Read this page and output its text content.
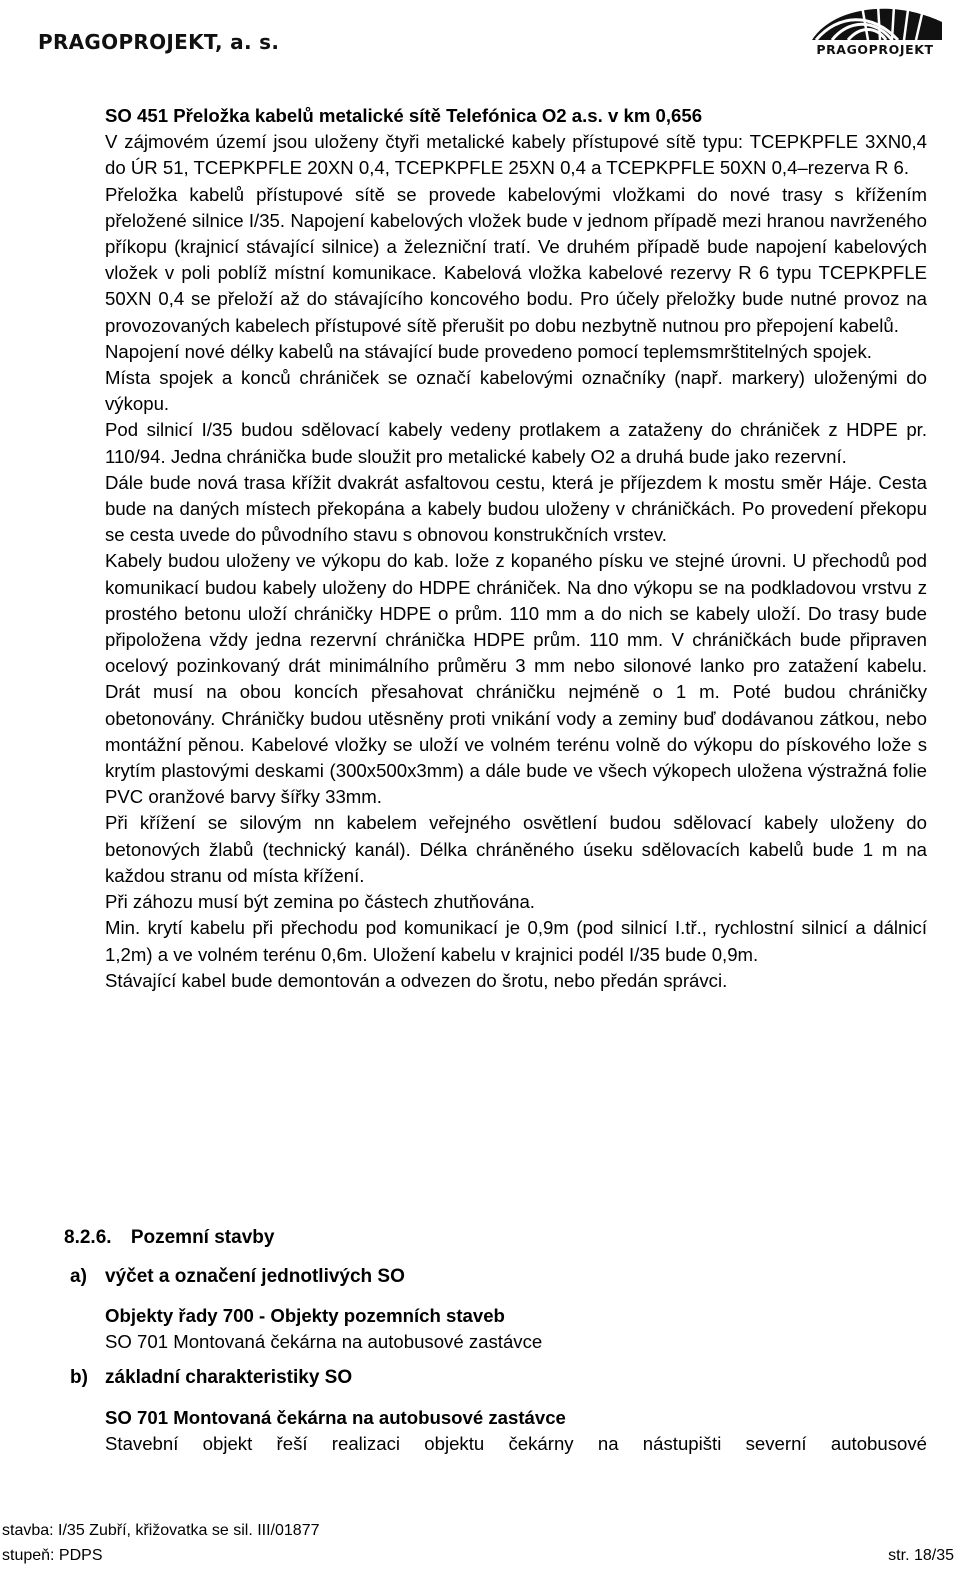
PRAGOPROJEKT, a. s.	PRAGOPROJEKT

SO 451 Přeložka kabelů metalické sítě Telefónica O2 a.s. v km 0,656

V zájmovém území jsou uloženy čtyři metalické kabely přístupové sítě typu: TCEPKPFLE 3XN0,4 do ÚR 51, TCEPKPFLE 20XN 0,4, TCEPKPFLE 25XN 0,4 a TCEPKPFLE 50XN 0,4–rezerva R 6.

Přeložka kabelů přístupové sítě se provede kabelovými vložkami do nové trasy s křížením přeložené silnice I/35. Napojení kabelových vložek bude v jednom případě mezi hranou navrženého příkopu (krajnicí stávající silnice) a železniční tratí. Ve druhém případě bude napojení kabelových vložek v poli poblíž místní komunikace. Kabelová vložka kabelové rezervy R 6 typu TCEPKPFLE 50XN 0,4 se přeloží až do stávajícího koncového bodu. Pro účely přeložky bude nutné provoz na provozovaných kabelech přístupové sítě přerušit po dobu nezbytně nutnou pro přepojení kabelů.

Napojení nové délky kabelů na stávající bude provedeno pomocí teplemsmrštitelných spojek.

Místa spojek a konců chrániček se označí kabelovými označníky (např. markery) uloženými do výkopu.

Pod silnicí I/35 budou sdělovací kabely vedeny protlakem a zataženy do chrániček z HDPE pr. 110/94. Jedna chránička bude sloužit pro metalické kabely O2 a druhá bude jako rezervní.

Dále bude nová trasa křížit dvakrát asfaltovou cestu, která je příjezdem k mostu směr Háje. Cesta bude na daných místech překopána a kabely budou uloženy v chráničkách. Po provedení překopu se cesta uvede do původního stavu s obnovou konstrukčních vrstev.

Kabely budou uloženy ve výkopu do kab. lože z kopaného písku ve stejné úrovni. U přechodů pod komunikací budou kabely uloženy do HDPE chrániček. Na dno výkopu se na podkladovou vrstvu z prostého betonu uloží chráničky HDPE o prům. 110 mm a do nich se kabely uloží. Do trasy bude připoložena vždy jedna rezervní chránička HDPE prům. 110 mm. V chráničkách bude připraven ocelový pozinkovaný drát minimálního průměru 3 mm nebo silonové lanko pro zatažení kabelu. Drát musí na obou koncích přesahovat chráničku nejméně o 1 m. Poté budou chráničky obetonovány. Chráničky budou utěsněny proti vnikání vody a zeminy buď dodávanou zátkou, nebo montážní pěnou. Kabelové vložky se uloží ve volném terénu volně do výkopu do pískového lože s krytím plastovými deskami (300x500x3mm) a dále bude ve všech výkopech uložena výstražná folie PVC oranžové barvy šířky 33mm.

Při křížení se silovým nn kabelem veřejného osvětlení budou sdělovací kabely uloženy do betonových žlabů (technický kanál). Délka chráněného úseku sdělovacích kabelů bude 1 m na každou stranu od místa křížení.

Při záhozu musí být zemina po částech zhutňována.

Min. krytí kabelu při přechodu pod komunikací je 0,9m (pod silnicí I.tř., rychlostní silnicí a dálnicí 1,2m) a ve volném terénu 0,6m. Uložení kabelu v krajnici podél I/35 bude 0,9m.

Stávající kabel bude demontován a odvezen do šrotu, nebo předán správci.

8.2.6. Pozemní stavby
a) výčet a označení jednotlivých SO
Objekty řady 700 - Objekty pozemních staveb
SO 701 Montovaná čekárna na autobusové zastávce
b) základní charakteristiky SO
SO 701 Montovaná čekárna na autobusové zastávce
Stavební objekt řeší realizaci objektu čekárny na nástupišti severní autobusové
stavba: I/35 Zubří, křižovatka se sil. III/01877
stupeň: PDPS	str. 18/35
